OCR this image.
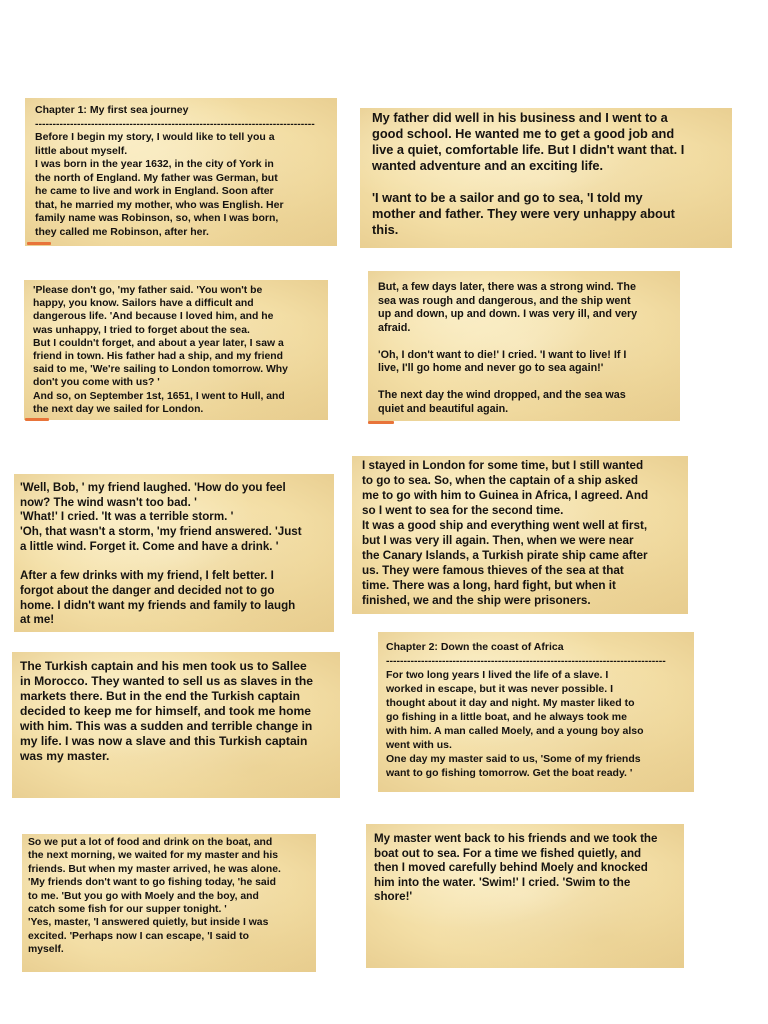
Chapter 1: My first sea journey
--------------------------------------------------------------------------------
Before I begin my story, I would like to tell you a
little about myself.
I was born in the year 1632, in the city of York in
the north of England. My father was German, but
he came to live and work in England. Soon after
that, he married my mother, who was English. Her
family name was Robinson, so, when I was born,
they called me Robinson, after her.
My father did well in his business and I went to a
good school. He wanted me to get a good job and
live a quiet, comfortable life. But I didn't want that. I
wanted adventure and an exciting life.
'I want to be a sailor and go to sea, 'I told my
mother and father. They were very unhappy about
this.
'Please don't go, 'my father said. 'You won't be
happy, you know. Sailors have a difficult and
dangerous life. 'And because I loved him, and he
was unhappy, I tried to forget about the sea.
But I couldn't forget, and about a year later, I saw a
friend in town. His father had a ship, and my friend
said to me, 'We're sailing to London tomorrow. Why
don't you come with us? '
And so, on September 1st, 1651, I went to Hull, and
the next day we sailed for London.
But, a few days later, there was a strong wind. The
sea was rough and dangerous, and the ship went
up and down, up and down. I was very ill, and very
afraid.
'Oh, I don't want to die!' I cried. 'I want to live! If I
live, I'll go home and never go to sea again!'
The next day the wind dropped, and the sea was
quiet and beautiful again.
'Well, Bob, ' my friend laughed. 'How do you feel
now? The wind wasn't too bad. '
'What!' I cried. 'It was a terrible storm. '
'Oh, that wasn't a storm, 'my friend answered. 'Just
a little wind. Forget it. Come and have a drink. '
After a few drinks with my friend, I felt better. I
forgot about the danger and decided not to go
home. I didn't want my friends and family to laugh
at me!
I stayed in London for some time, but I still wanted
to go to sea. So, when the captain of a ship asked
me to go with him to Guinea in Africa, I agreed. And
so I went to sea for the second time.
It was a good ship and everything went well at first,
but I was very ill again. Then, when we were near
the Canary Islands, a Turkish pirate ship came after
us. They were famous thieves of the sea at that
time. There was a long, hard fight, but when it
finished, we and the ship were prisoners.
Chapter 2: Down the coast of Africa
--------------------------------------------------------------------------------
For two long years I lived the life of a slave. I
worked in escape, but it was never possible. I
thought about it day and night. My master liked to
go fishing in a little boat, and he always took me
with him. A man called Moely, and a young boy also
went with us.
One day my master said to us, 'Some of my friends
want to go fishing tomorrow. Get the boat ready. '
The Turkish captain and his men took us to Sallee
in Morocco. They wanted to sell us as slaves in the
markets there. But in the end the Turkish captain
decided to keep me for himself, and took me home
with him. This was a sudden and terrible change in
my life. I was now a slave and this Turkish captain
was my master.
So we put a lot of food and drink on the boat, and
the next morning, we waited for my master and his
friends. But when my master arrived, he was alone.
'My friends don't want to go fishing today, 'he said
to me. 'But you go with Moely and the boy, and
catch some fish for our supper tonight. '
'Yes, master, 'I answered quietly, but inside I was
excited. 'Perhaps now I can escape, 'I said to
myself.
My master went back to his friends and we took the
boat out to sea. For a time we fished quietly, and
then I moved carefully behind Moely and knocked
him into the water. 'Swim!' I cried. 'Swim to the
shore!'
